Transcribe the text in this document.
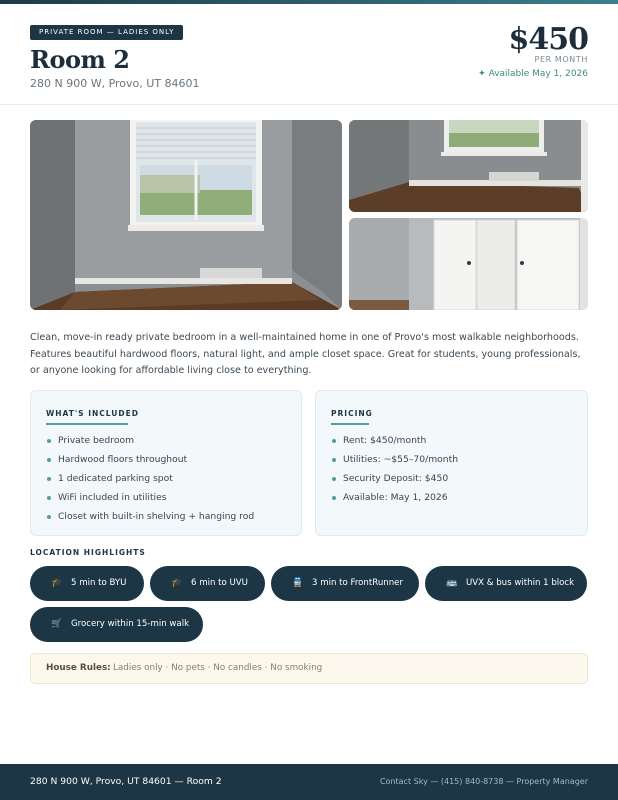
PRIVATE ROOM — LADIES ONLY
Room 2
280 N 900 W, Provo, UT 84601
$450
PER MONTH
✦ Available May 1, 2026

Clean, move-in ready private bedroom in a well-maintained home in one of Provo's most walkable neighborhoods. Features beautiful hardwood floors, natural light, and ample closet space. Great for students, young professionals, or anyone looking for affordable living close to everything.

WHAT'S INCLUDED
Private bedroom
Hardwood floors throughout
1 dedicated parking spot
WiFi included in utilities
Closet with built-in shelving + hanging rod
PRICING
Rent: $450/month
Utilities: ~$55–70/month
Security Deposit: $450
Available: May 1, 2026
LOCATION HIGHLIGHTS
🎓 5 min to BYU	🎓 6 min to UVU	🚆 3 min to FrontRunner	🚌 UVX & bus within 1 block
🛒 Grocery within 15-min walk
House Rules: Ladies only · No pets · No candles · No smoking
280 N 900 W, Provo, UT 84601 — Room 2	Contact Sky — (415) 840-8738 — Property Manager
